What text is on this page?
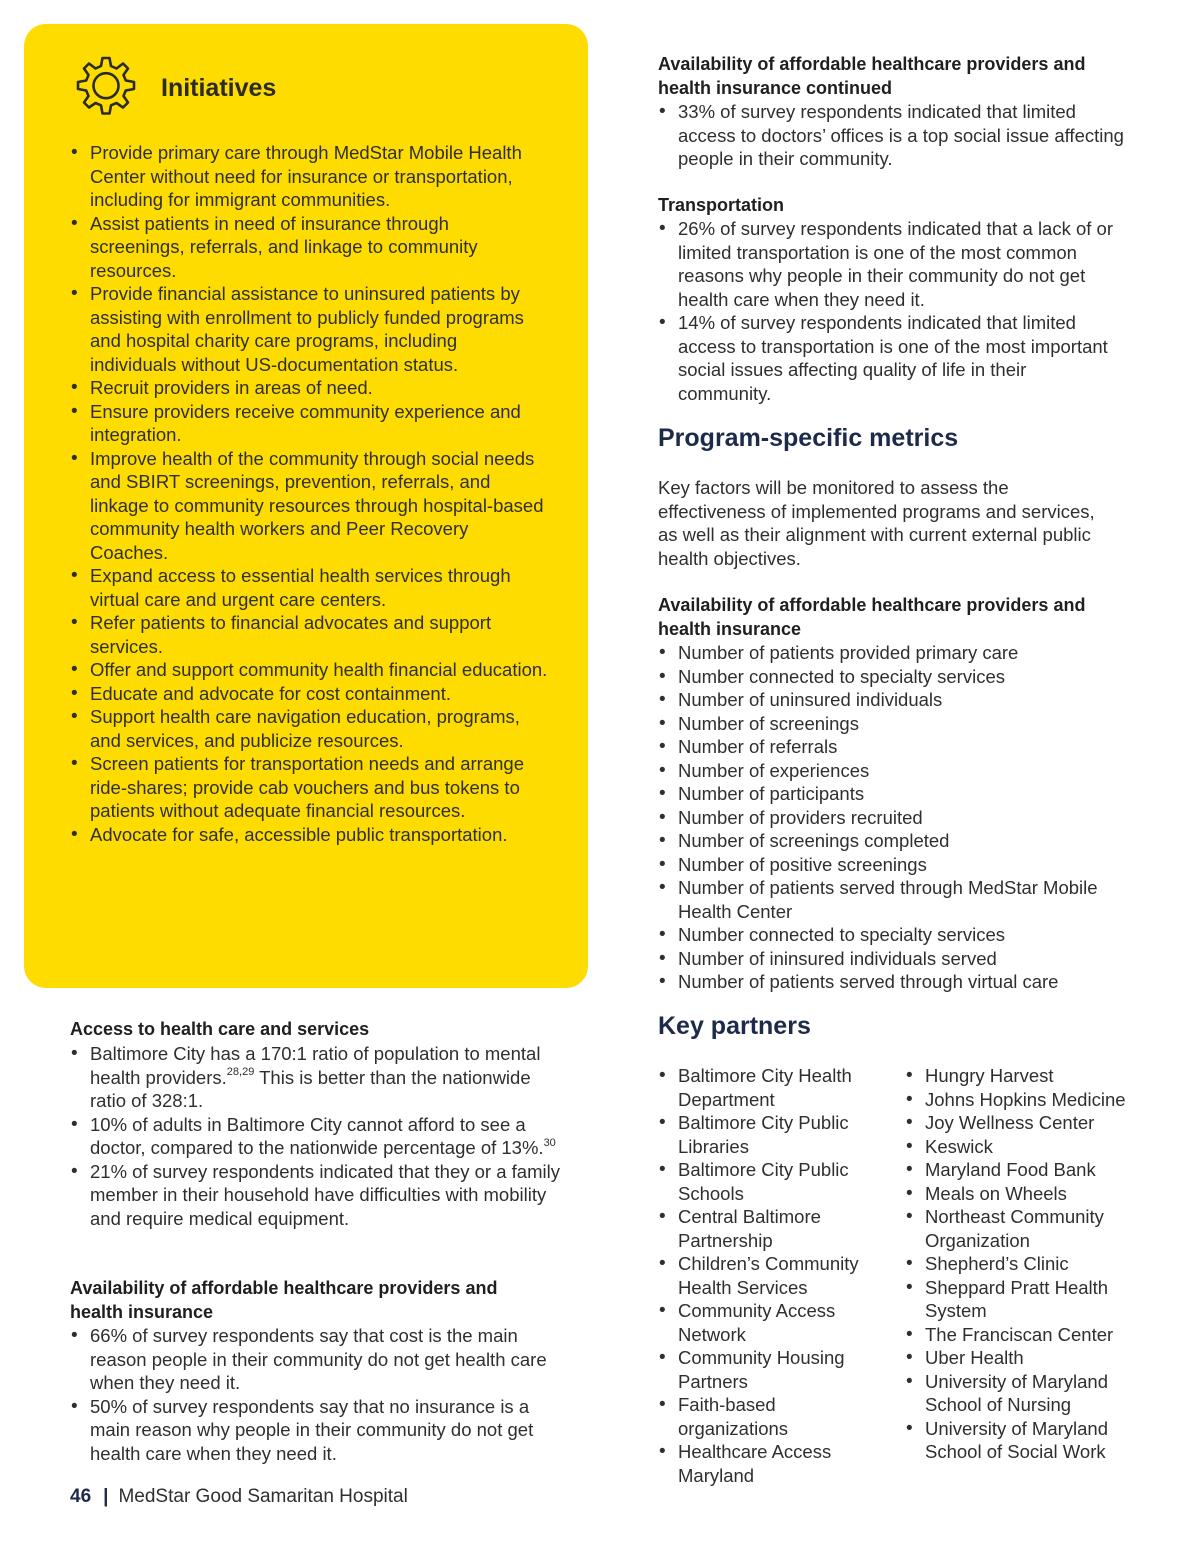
Initiatives
• Provide primary care through MedStar Mobile Health Center without need for insurance or transportation, including for immigrant communities.
• Assist patients in need of insurance through screenings, referrals, and linkage to community resources.
• Provide financial assistance to uninsured patients by assisting with enrollment to publicly funded programs and hospital charity care programs, including individuals without US-documentation status.
• Recruit providers in areas of need.
• Ensure providers receive community experience and integration.
• Improve health of the community through social needs and SBIRT screenings, prevention, referrals, and linkage to community resources through hospital-based community health workers and Peer Recovery Coaches.
• Expand access to essential health services through virtual care and urgent care centers.
• Refer patients to financial advocates and support services.
• Offer and support community health financial education.
• Educate and advocate for cost containment.
• Support health care navigation education, programs, and services, and publicize resources.
• Screen patients for transportation needs and arrange ride-shares; provide cab vouchers and bus tokens to patients without adequate financial resources.
• Advocate for safe, accessible public transportation.
Access to health care and services
• Baltimore City has a 170:1 ratio of population to mental health providers.$^{28,29}$ This is better than the nationwide ratio of 328:1.
• 10% of adults in Baltimore City cannot afford to see a doctor, compared to the nationwide percentage of 13%.$^{30}$
• 21% of survey respondents indicated that they or a family member in their household have difficulties with mobility and require medical equipment.
Availability of affordable healthcare providers and health insurance
• 66% of survey respondents say that cost is the main reason people in their community do not get health care when they need it.
• 50% of survey respondents say that no insurance is a main reason why people in their community do not get health care when they need it.
Availability of affordable healthcare providers and health insurance continued
• 33% of survey respondents indicated that limited access to doctors’ offices is a top social issue affecting people in their community.
Transportation
• 26% of survey respondents indicated that a lack of or limited transportation is one of the most common reasons why people in their community do not get health care when they need it.
• 14% of survey respondents indicated that limited access to transportation is one of the most important social issues affecting quality of life in their community.
Program-specific metrics
Key factors will be monitored to assess the effectiveness of implemented programs and services, as well as their alignment with current external public health objectives.
Availability of affordable healthcare providers and health insurance
• Number of patients provided primary care
• Number connected to specialty services
• Number of uninsured individuals
• Number of screenings
• Number of referrals
• Number of experiences
• Number of participants
• Number of providers recruited
• Number of screenings completed
• Number of positive screenings
• Number of patients served through MedStar Mobile Health Center
• Number connected to specialty services
• Number of ininsured individuals served
• Number of patients served through virtual care
Key partners
• Baltimore City Health Department
• Baltimore City Public Libraries
• Baltimore City Public Schools
• Central Baltimore Partnership
• Children’s Community Health Services
• Community Access Network
• Community Housing Partners
• Faith-based organizations
• Healthcare Access Maryland
• Hungry Harvest
• Johns Hopkins Medicine
• Joy Wellness Center
• Keswick
• Maryland Food Bank
• Meals on Wheels
• Northeast Community Organization
• Shepherd’s Clinic
• Sheppard Pratt Health System
• The Franciscan Center
• Uber Health
• University of Maryland School of Nursing
• University of Maryland School of Social Work
46 | MedStar Good Samaritan Hospital
